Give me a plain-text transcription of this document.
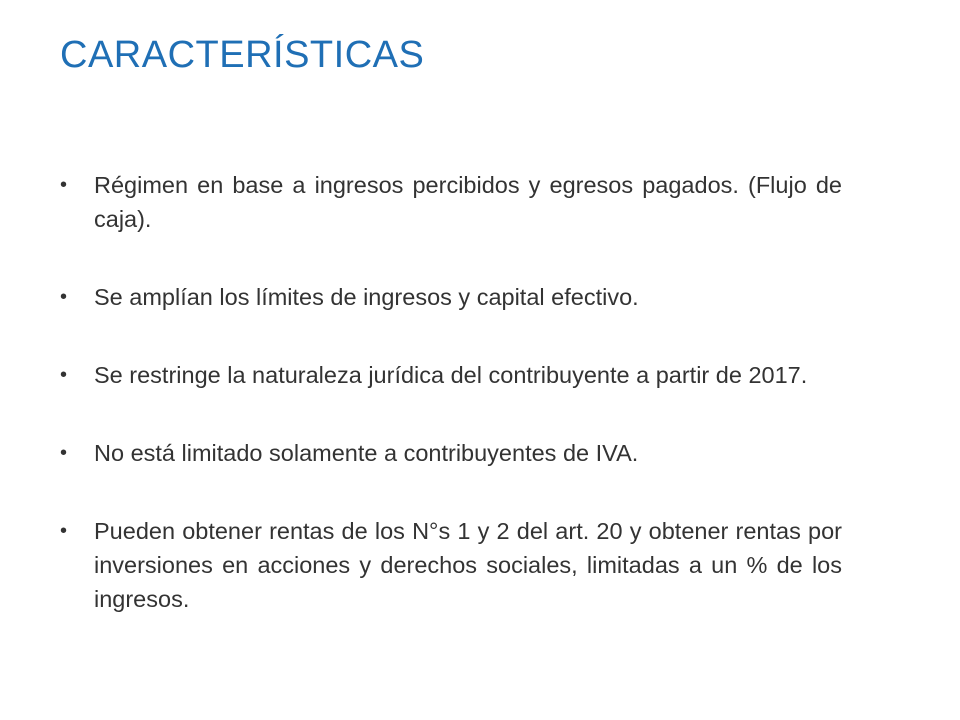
CARACTERÍSTICAS
•	Régimen en base a ingresos percibidos y egresos pagados. (Flujo de caja).
•	Se amplían los límites de ingresos y capital efectivo.
•	Se restringe la naturaleza jurídica del contribuyente a partir de 2017.
•	No está limitado solamente a contribuyentes de IVA.
•	Pueden obtener rentas de los N°s 1 y 2 del art. 20 y obtener rentas por inversiones en acciones y derechos sociales, limitadas a un % de los ingresos.
